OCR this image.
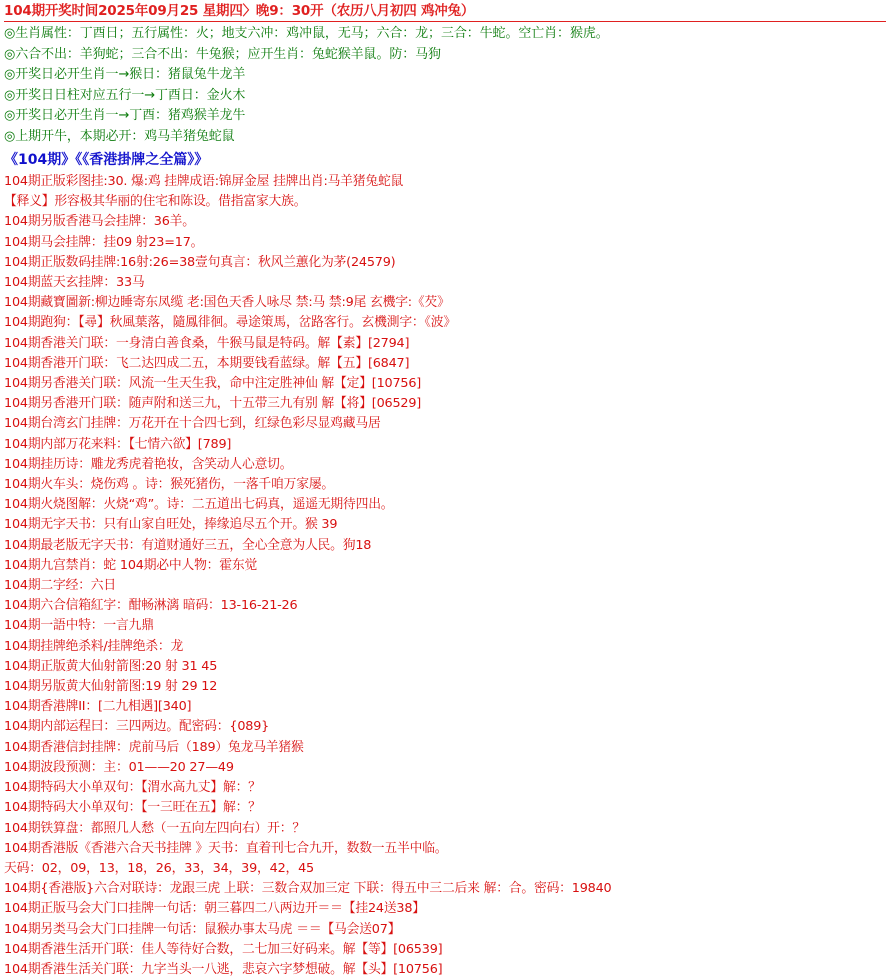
104期开奖时间2025年09月25 星期四〉晚9：30开（农历八月初四 鸡冲兔）
◎生肖属性：丁酉日；五行属性：火；地支六冲：鸡冲鼠，无马；六合：龙；三合：牛蛇。空亡肖：猴虎。
◎六合不出：羊狗蛇；三合不出：牛兔猴；应开生肖：兔蛇猴羊鼠。防：马狗
◎开奖日必开生肖一→猴日：猪鼠兔牛龙羊
◎开奖日日柱对应五行一→丁酉日：金火木
◎开奖日必开生肖一→丁酉：猪鸡猴羊龙牛
◎上期开牛，本期必开：鸡马羊猪兔蛇鼠
《104期》《《香港掛牌之全篇》》
104期正版彩图挂:30. 爆:鸡 挂牌成语:锦屏金屋 挂牌出肖:马羊猪兔蛇鼠
【释义】形容极其华丽的住宅和陈设。借指富家大族。
104期另版香港马会挂牌：36羊。
104期马会挂牌：挂09 射23=17。
104期正版数码挂牌:16射:26=38壹句真言：秋风兰蕙化为茅(24579)
104期蓝天玄挂牌：33马
104期藏寶圖新:柳边睡寄东凤缆 老:国色天香人咏尽 禁:马 禁:9尾 玄機字:《芡》
104期跑狗：【尋】秋風葉落，隨鳳徘徊。尋途策馬，岔路客行。玄機測字：《波》
104期香港关门联：一身清白善食桑，牛猴马鼠是特码。解【素】[2794]
104期香港开门联：飞二达四成二五，本期要钱看蓝绿。解【五】[6847]
104期另香港关门联：风流一生天生我，命中注定胜神仙 解【定】[10756]
104期另香港开门联：随声附和送三九，十五带三九有别 解【将】[06529]
104期台湾玄门挂牌：万花开在十合四七到，红绿色彩尽显鸡藏马居
104期内部万花来料：【七情六欲】[789]
104期挂历诗：雕龙秀虎着艳妆，含笑动人心意切。
104期火车头：烧伤鸡 。诗：猴死猪伤，一落千咱万家屡。
104期火烧图解：火烧“鸡”。诗：二五道出七码真，遥遥无期待四出。
104期无字天书：只有山家自旺处，捧缘追尽五个开。猴 39
104期最老版无字天书：有道财通好三五，全心全意为人民。狗18
104期九宫禁肖：蛇 104期必中人物：霍东觉
104期二字经：六日
104期六合信箱紅字：酣畅淋漓 暗码：13-16-21-26
104期一語中特：一言九鼎
104期挂牌绝杀料/挂牌绝杀：龙
104期正版黄大仙射箭图:20 射 31 45
104期另版黄大仙射箭图:19 射 29 12
104期香港牌II：[二九相遇][340]
104期内部运程曰：三四两边。配密码：{089}
104期香港信封挂牌：虎前马后（189）兔龙马羊猪猴
104期波段预测：主：01——20 27—49
104期特码大小单双句：【渭水高九丈】解：？
104期特码大小单双句：【一三旺在五】解：？
104期铁算盘：都照几人愁（一五向左四向右）开：？
104期香港版《香港六合天书挂牌 》天书：直着刊七合九开，数数一五半中临。
天码：02，09，13，18，26，33，34，39，42，45
104期{香港版}六合对联诗：龙跟三虎 上联：三数合双加三定 下联：得五中三二后来 解：合。密码：19840
104期正版马会大门口挂牌一句话：朝三暮四二八两边开＝＝【挂24送38】
104期另类马会大门口挂牌一句话：鼠猴办事太马虎 ＝＝【马会送07】
104期香港生活开门联：佳人等待好合数，二七加三好码来。解【等】[06539]
104期香港生活关门联：九字当头一八逃，悲哀六字梦想破。解【头】[10756]
